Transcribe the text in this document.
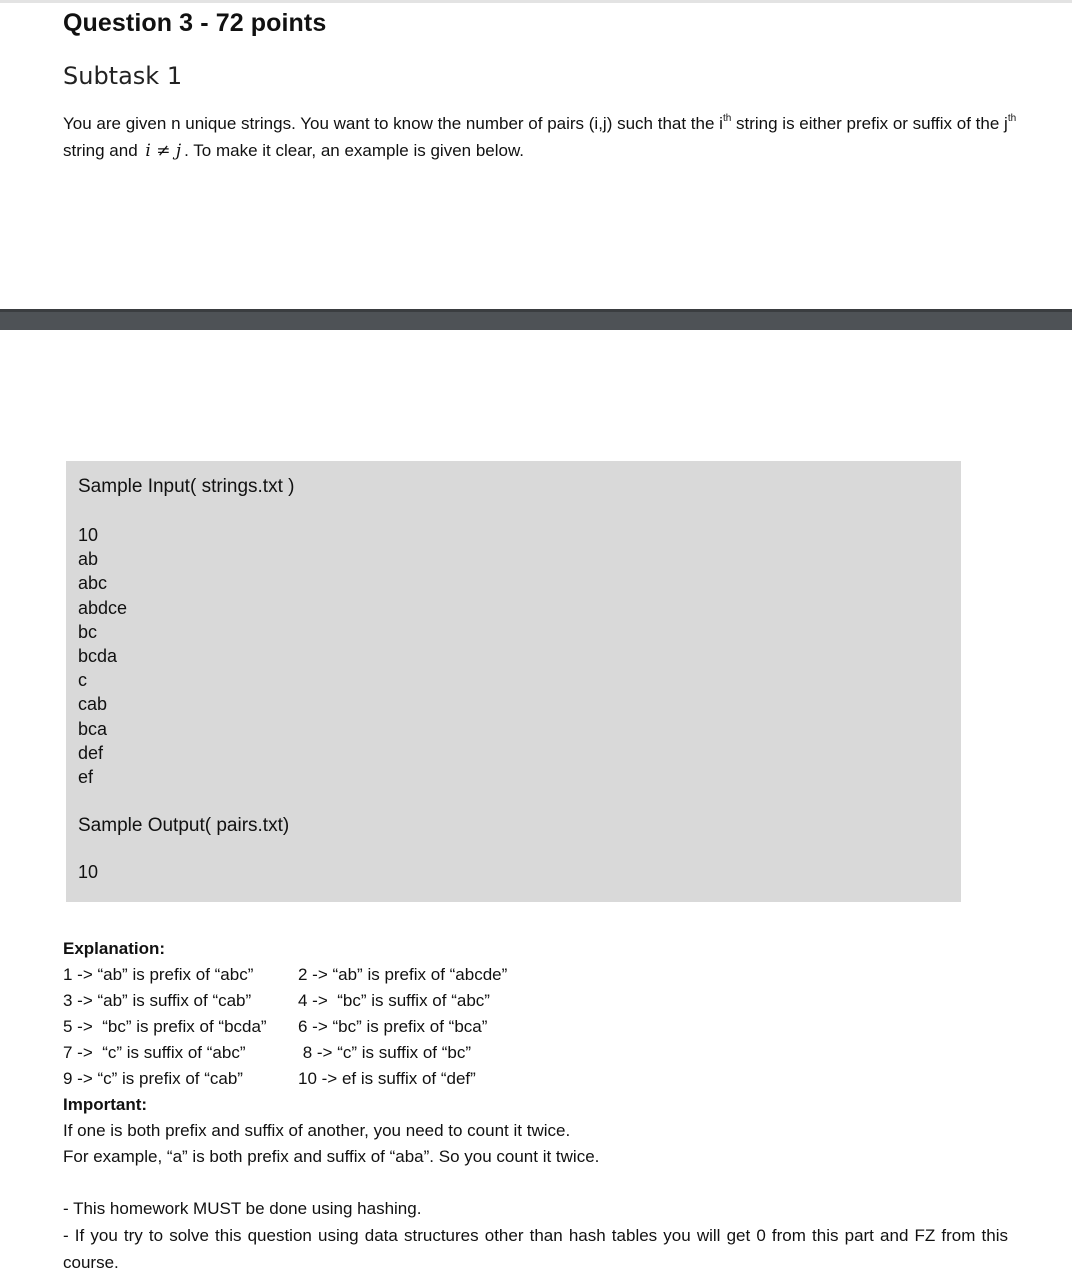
Question 3 - 72 points
Subtask 1
You are given n unique strings. You want to know the number of pairs (i,j) such that the $i^{th}$ string is either prefix or suffix of the $j^{th}$ string and i ≠ j . To make it clear, an example is given below.
Sample Input( strings.txt )
10
ab
abc
abdce
bc
bcda
c
cab
bca
def
ef
Sample Output( pairs.txt)
10
Explanation:
1 -> “ab” is prefix of “abc”	2 -> “ab” is prefix of “abcde”
3 -> “ab” is suffix of “cab”	4 ->  “bc” is suffix of “abc”
5 ->  “bc” is prefix of “bcda”	6 -> “bc” is prefix of “bca”
7 ->  “c” is suffix of “abc”	8 -> “c” is suffix of “bc”
9 -> “c” is prefix of “cab”	10 -> ef is suffix of “def”
Important:
If one is both prefix and suffix of another, you need to count it twice.
For example, “a” is both prefix and suffix of “aba”. So you count it twice.
- This homework MUST be done using hashing.
- If you try to solve this question using data structures other than hash tables you will get 0 from this part and FZ from this course.
